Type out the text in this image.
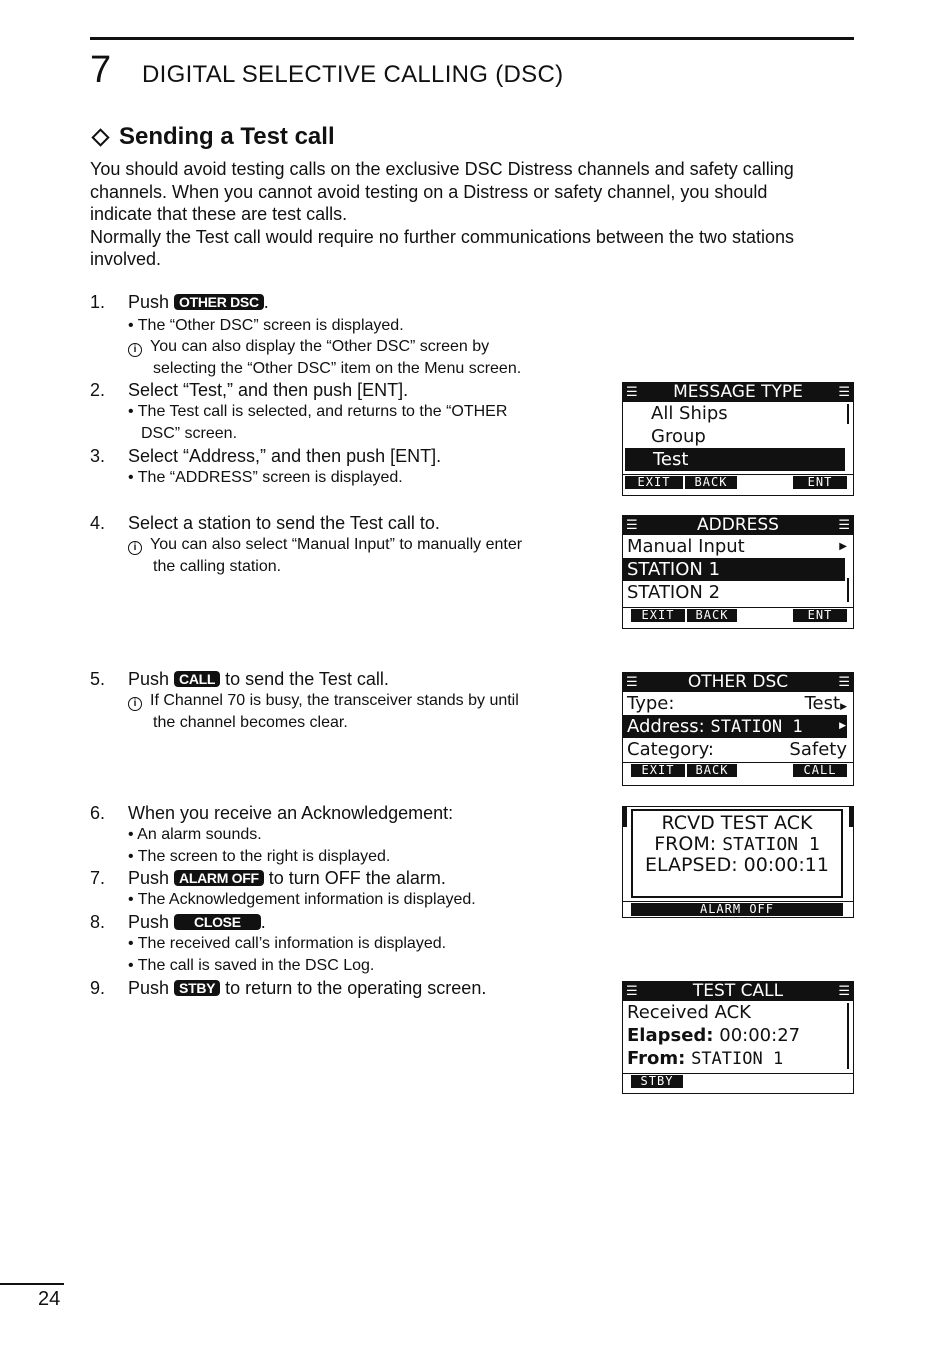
7 DIGITAL SELECTIVE CALLING (DSC)
Sending a Test call
You should avoid testing calls on the exclusive DSC Distress channels and safety calling
channels. When you cannot avoid testing on a Distress or safety channel, you should
indicate that these are test calls.
Normally the Test call would require no further communications between the two stations
involved.
1.	Push OTHER DSC .
• The “Other DSC” screen is displayed.
i You can also display the “Other DSC” screen by
selecting the “Other DSC” item on the Menu screen.
2.	Select “Test,” and then push [ENT].
• The Test call is selected, and returns to the “OTHER
DSC” screen.
3.	Select “Address,” and then push [ENT].
• The “ADDRESS” screen is displayed.
4.	Select a station to send the Test call to.
i You can also select “Manual Input” to manually enter
the calling station.
5.	Push CALL to send the Test call.
i If Channel 70 is busy, the transceiver stands by until
the channel becomes clear.
6.	When you receive an Acknowledgement:
• An alarm sounds.
• The screen to the right is displayed.
7.	Push ALARM OFF to turn OFF the alarm.
• The Acknowledgement information is displayed.
8.	Push CLOSE .
• The received call’s information is displayed.
• The call is saved in the DSC Log.
9.	Push STBY to return to the operating screen.
☰ MESSAGE TYPE	☰
All Ships
Group
Test
EXIT	BACK	ENT
☰	ADDRESS	☰
Manual Input	▶
STATION 1
STATION 2
EXIT	BACK	ENT
☰	OTHER DSC	☰
Type:	Test▶
Address: STATION 1	▶
Category:	Safety
EXIT	BACK	CALL
RCVD TEST ACK
FROM: STATION 1
ELAPSED: 00:00:11
ALARM OFF
☰	TEST CALL	☰
Received ACK
Elapsed: 00:00:27
From: STATION 1
STBY
24
